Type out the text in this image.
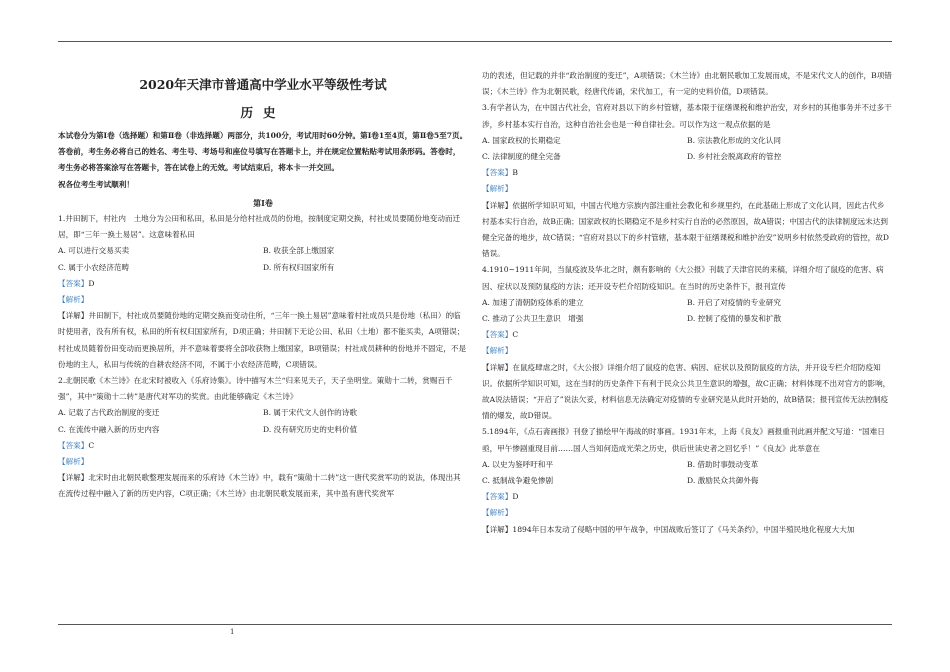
2020年天津市普通高中学业水平等级性考试

历史

本试卷分为第Ⅰ卷（选择题）和第Ⅱ卷（非选择题）两部分，共100分，考试用时60分钟。第Ⅰ卷1至4页，第Ⅱ卷5至7页。

答卷前，考生务必将自己的姓名、考生号、考场号和座位号填写在答题卡上，并在规定位置粘贴考试用条形码。答卷时，考生务必将答案涂写在答题卡，答在试卷上的无效。考试结束后，将本卡一并交回。

祝各位考生考试顺利！

第Ⅰ卷

1.井田制下，村社内　土地分为公田和私田，私田是分给村社成员的份地，按制度定期交换，村社成员要随份地变动而迁居，即“三年一换土易居”。这意味着私田

A. 可以进行交易买卖	B. 收获全部上缴国家
C. 属于小农经济范畴	D. 所有权归国家所有

【答案】D

【解析】

【详解】井田制下，村社成员要随份地的定期交换而变动住所，“三年一换土易居”意味着村社成员只是份地（私田）的临时使用者，没有所有权，私田的所有权归国家所有，D项正确；井田制下无论公田、私田（土地）都不能买卖，A项错误；村社成员随着份田变动而更换居所，并不意味着要将全部收获物上缴国家，B项错误；村社成员耕种的份地并不固定，不是份地的主人，私田与传统的自耕农经济不同，不属于小农经济范畴，C项错误。

2.北朝民歌《木兰诗》在北宋时被收入《乐府诗集》。诗中描写木兰“归来见天子，天子坐明堂。策勋十二转，赏赐百千强”，其中“策勋十二转”是唐代对军功的奖赏。由此能够确定《木兰诗》

A. 记载了古代政治制度的变迁	B. 属于宋代文人创作的诗歌
C. 在流传中融入新的历史内容	D. 没有研究历史的史料价值

【答案】C

【解析】

【详解】北宋时由北朝民歌整理发展而来的乐府诗《木兰诗》中，载有“策勋十二转”这一唐代奖赏军功的说法，体现出其在流传过程中融入了新的历史内容，C项正确；《木兰诗》由北朝民歌发展而来，其中虽有唐代奖赏军

功的表述，但记载的并非“政治制度的变迁”，A项错误；《木兰诗》由北朝民歌加工发展而成，不是宋代文人的创作，B项错误；《木兰诗》作为北朝民歌，经唐代传诵，宋代加工，有一定的史料价值，D项错误。

3.有学者认为，在中国古代社会，官府对县以下的乡村管辖，基本限于征缮课税和维护治安，对乡村的其他事务并不过多干涉，乡村基本实行自治，这种自治社会也是一种自律社会。可以作为这一观点依据的是

A. 国家政权的长期稳定	B. 宗法教化形成的文化认同
C. 法律制度的健全完备	D. 乡村社会脱离政府的管控

【答案】B

【解析】

【详解】依据所学知识可知，中国古代地方宗族内部注重社会教化和乡规里约，在此基础上形成了文化认同，因此古代乡村基本实行自治，故B正确；国家政权的长期稳定不是乡村实行自治的必然原因，故A错误；中国古代的法律制度远未达到健全完备的地步，故C错误；“官府对县以下的乡村管辖，基本限于征缮课税和维护治安”说明乡村依然受政府的管控，故D错误。

4.1910~1911年间，当鼠疫波及华北之时，颇有影响的《大公报》刊载了天津官民的来稿，详细介绍了鼠疫的危害、病因、症状以及预防鼠疫的方法；还开设专栏介绍防疫知识。在当时的历史条件下，报刊宣传

A. 加速了清朝防疫体系的建立	B. 开启了对疫情的专业研究
C. 推动了公共卫生意识　增强	D. 控制了疫情的暴发和扩散

【答案】C

【解析】

【详解】在鼠疫肆虐之时，《大公报》详细介绍了鼠疫的危害、病因、症状以及预防鼠疫的方法，并开设专栏介绍防疫知识。依据所学知识可知，这在当时的历史条件下有利于民众公共卫生意识的增强，故C正确；材料体现不出对官方的影响，故A说法错误；“开启了”说法欠妥，材料信息无法确定对疫情的专业研究是从此时开始的，故B错误；报刊宣传无法控制疫情的爆发，故D错误。

5.1894年，《点石斋画报》刊登了描绘甲午海战的时事画。1931年末，上海《良友》画报重刊此画并配文写道：“国难日亟，甲午惨剧重现目前……国人当知何造成光荣之历史，供后世读史者之回忆乎！”《良友》此举意在

A. 以史为鉴呼吁和平	B. 借助时事鼓动变革
C. 抵制战争避免惨剧	D. 激励民众共御外侮

【答案】D

【解析】

【详解】1894年日本发动了侵略中国的甲午战争，中国战败后签订了《马关条约》，中国半殖民地化程度大大加

1
